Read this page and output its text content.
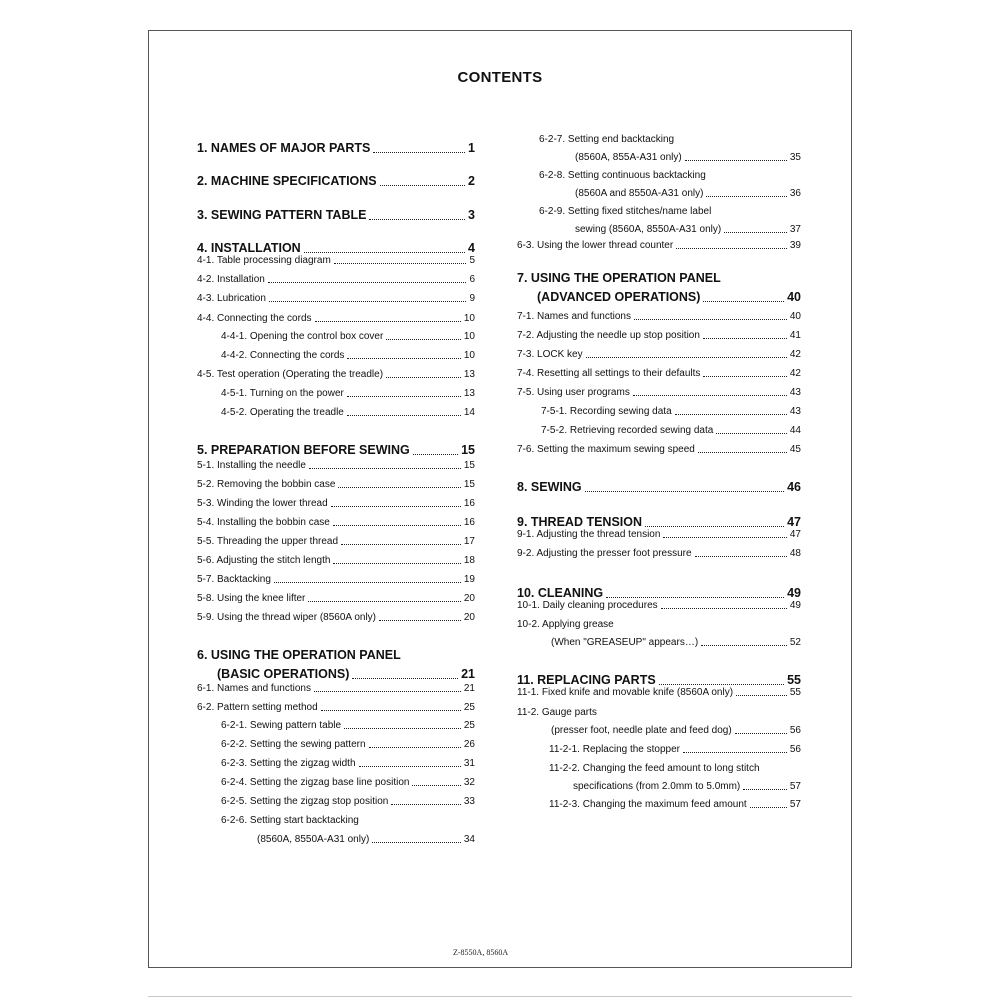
CONTENTS
1. NAMES OF MAJOR PARTS	1
2. MACHINE SPECIFICATIONS	2
3. SEWING PATTERN TABLE	3
4. INSTALLATION	4
4-1. Table processing diagram	5
4-2. Installation	6
4-3. Lubrication	9
4-4. Connecting the cords	10
4-4-1. Opening the control box cover	10
4-4-2. Connecting the cords	10
4-5. Test operation (Operating the treadle)	13
4-5-1. Turning on the power	13
4-5-2. Operating the treadle	14
5. PREPARATION BEFORE SEWING	15
5-1. Installing the needle	15
5-2. Removing the bobbin case	15
5-3. Winding the lower thread	16
5-4. Installing the bobbin case	16
5-5. Threading the upper thread	17
5-6. Adjusting the stitch length	18
5-7. Backtacking	19
5-8. Using the knee lifter	20
5-9. Using the thread wiper (8560A only)	20
6. USING THE OPERATION PANEL
(BASIC OPERATIONS)	21
6-1. Names and functions	21
6-2. Pattern setting method	25
6-2-1. Sewing pattern table	25
6-2-2. Setting the sewing pattern	26
6-2-3. Setting the zigzag width	31
6-2-4. Setting the zigzag base line position	32
6-2-5. Setting the zigzag stop position	33
6-2-6. Setting start backtacking
(8560A, 8550A-A31 only)	34
6-2-7. Setting end backtacking
(8560A, 855A-A31 only)	35
6-2-8. Setting continuous backtacking
(8560A and 8550A-A31 only)	36
6-2-9. Setting fixed stitches/name label
sewing (8560A, 8550A-A31 only)	37
6-3. Using the lower thread counter	39
7. USING THE OPERATION PANEL
(ADVANCED OPERATIONS)	40
7-1. Names and functions	40
7-2. Adjusting the needle up stop position	41
7-3. LOCK key	42
7-4. Resetting all settings to their defaults	42
7-5. Using user programs	43
7-5-1. Recording sewing data	43
7-5-2. Retrieving recorded sewing data	44
7-6. Setting the maximum sewing speed	45
8. SEWING	46
9. THREAD TENSION	47
9-1. Adjusting the thread tension	47
9-2. Adjusting the presser foot pressure	48
10. CLEANING	49
10-1. Daily cleaning procedures	49
10-2. Applying grease
(When "GREASEUP" appears…)	52
11. REPLACING PARTS	55
11-1. Fixed knife and movable knife (8560A only)	55
11-2. Gauge parts
(presser foot, needle plate and feed dog)	56
11-2-1. Replacing the stopper	56
11-2-2. Changing the feed amount to long stitch
specifications (from 2.0mm to 5.0mm)	57
11-2-3. Changing the maximum feed amount	57
Z-8550A, 8560A
